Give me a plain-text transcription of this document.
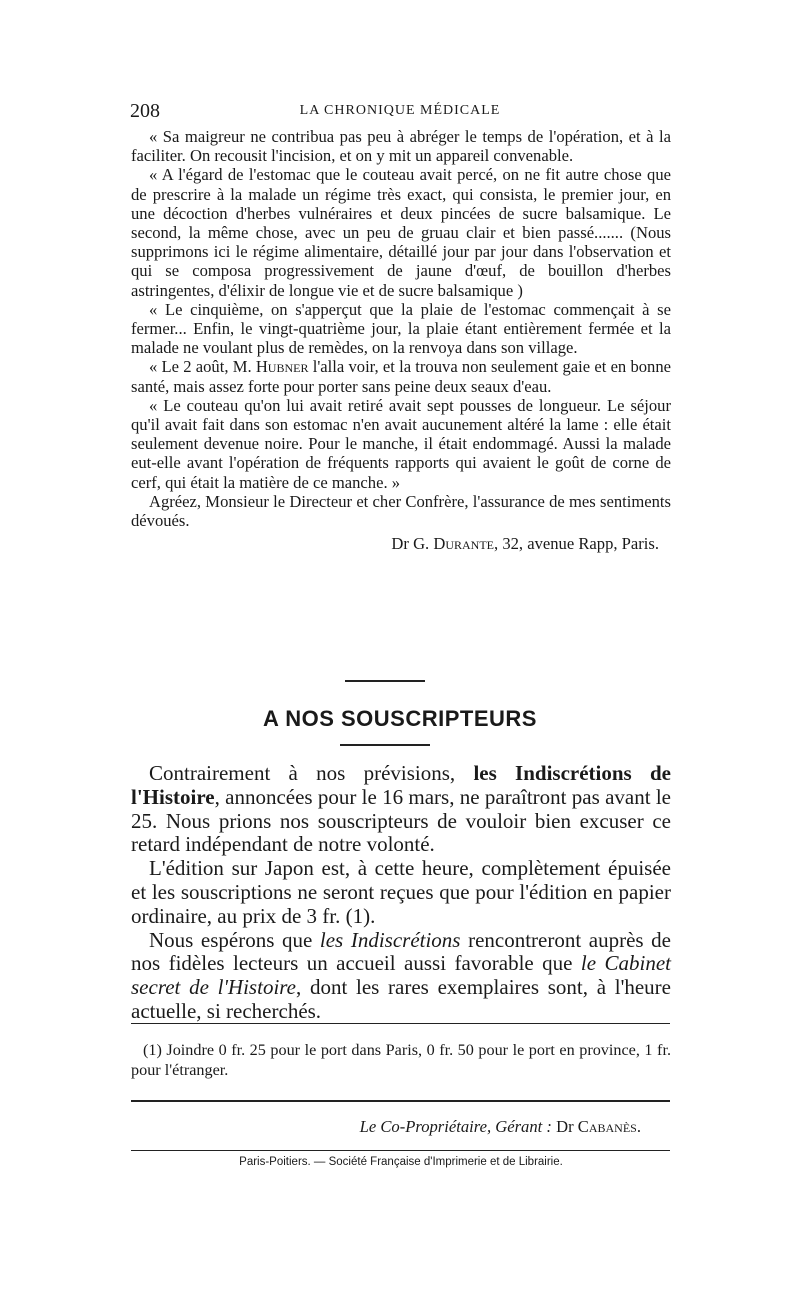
208	LA CHRONIQUE MÉDICALE

« Sa maigreur ne contribua pas peu à abréger le temps de l'opération, et à la faciliter. On recousit l'incision, et on y mit un appareil convenable.

« A l'égard de l'estomac que le couteau avait percé, on ne fit autre chose que de prescrire à la malade un régime très exact, qui consista, le premier jour, en une décoction d'herbes vulnéraires et deux pincées de sucre balsamique. Le second, la même chose, avec un peu de gruau clair et bien passé....... (Nous supprimons ici le régime alimentaire, détaillé jour par jour dans l'observation et qui se composa progressivement de jaune d'œuf, de bouillon d'herbes astringentes, d'élixir de longue vie et de sucre balsamique )

« Le cinquième, on s'apperçut que la plaie de l'estomac commençait à se fermer... Enfin, le vingt-quatrième jour, la plaie étant entièrement fermée et la malade ne voulant plus de remèdes, on la renvoya dans son village.

« Le 2 août, M. Hubner l'alla voir, et la trouva non seulement gaie et en bonne santé, mais assez forte pour porter sans peine deux seaux d'eau.

« Le couteau qu'on lui avait retiré avait sept pousses de longueur. Le séjour qu'il avait fait dans son estomac n'en avait aucunement altéré la lame : elle était seulement devenue noire. Pour le manche, il était endommagé. Aussi la malade eut-elle avant l'opération de fréquents rapports qui avaient le goût de corne de cerf, qui était la matière de ce manche. »

Agréez, Monsieur le Directeur et cher Confrère, l'assurance de mes sentiments dévoués.

Dr G. Durante, 32, avenue Rapp, Paris.
A NOS SOUSCRIPTEURS

Contrairement à nos prévisions, les Indiscrétions de l'Histoire, annoncées pour le 16 mars, ne paraîtront pas avant le 25. Nous prions nos souscripteurs de vouloir bien excuser ce retard indépendant de notre volonté.

L'édition sur Japon est, à cette heure, complètement épuisée et les souscriptions ne seront reçues que pour l'édition en papier ordinaire, au prix de 3 fr. (1).

Nous espérons que les Indiscrétions rencontreront auprès de nos fidèles lecteurs un accueil aussi favorable que le Cabinet secret de l'Histoire, dont les rares exemplaires sont, à l'heure actuelle, si recherchés.

(1) Joindre 0 fr. 25 pour le port dans Paris, 0 fr. 50 pour le port en province, 1 fr. pour l'étranger.

Le Co-Propriétaire, Gérant : Dr Cabanès.
Paris-Poitiers. — Société Française d'Imprimerie et de Librairie.
